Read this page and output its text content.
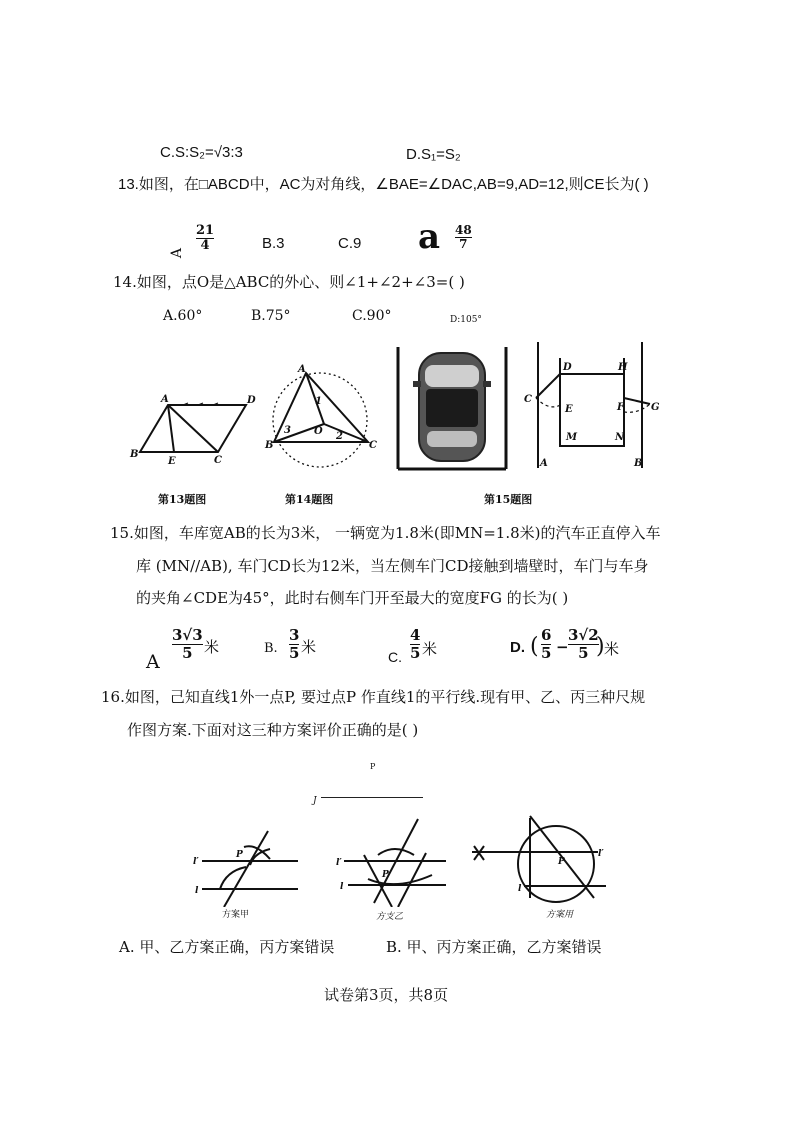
C.S:S₂=√3:3	D.S₁=S₂
13.如图，在□ABCD中，AC为对角线，∠BAE=∠DAC,AB=9,AD=12,则CE长为( )
A
21
4	B.3	C.9 a 48
7
14.如图，点O是△ABC的外心、则∠1+∠2+∠3=( )
A.60°	B.75°	C.90°	D:105°
A
B
C
D
E
第13题图
A
B	C
O
1
2
3
第14题图
C
D
E	F	G
H
M	N
A	B
第15题图
15.如图，车库宽AB的长为3米， 一辆宽为1.8米(即MN=1.8米)的汽车正直停入车
库 (MN//AB), 车门CD长为12米，当左侧车门CD接触到墙壁时，车门与车身
的夹角∠CDE为45°，此时右侧车门开至最大的宽度FG 的长为( )
A
3√3
5 米	B.
3
5 米
C.
4
5 米	D. ( 6
5 −
3√2
5 ) 米
16.如图，己知直线1外一点P, 要过点P 作直线1的平行线.现有甲、乙、丙三种尺规
作图方案.下面对这三种方案评价正确的是( )
P
J
l′
l
P
方案甲
l′
l
P
方支乙
l′
l
P
方案用
A. 甲、乙方案正确，丙方案错误	B. 甲、丙方案正确，乙方案错误
试卷第3页，共8页
